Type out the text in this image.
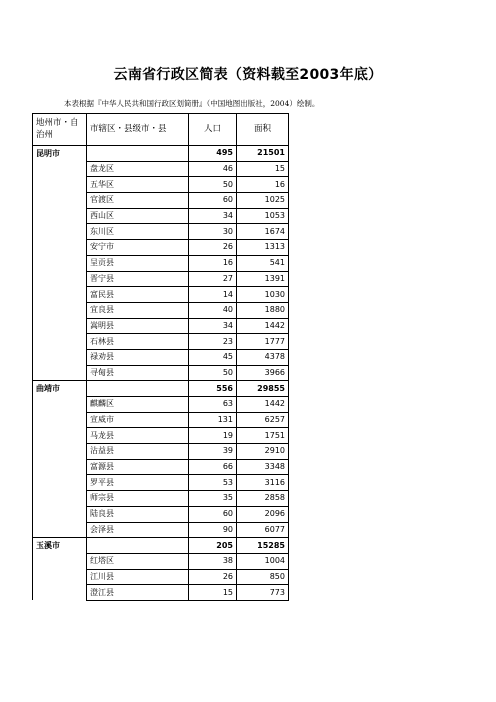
云南省行政区简表（资料载至2003年底）
本表根据『中华人民共和国行政区划简册』（中国地图出版社，2004）绘制。
地州市・自治州	市辖区・县级市・县	人口	面积
昆明市		495	21501
	盘龙区	46	15
	五华区	50	16
	官渡区	60	1025
	西山区	34	1053
	东川区	30	1674
	安宁市	26	1313
	呈贡县	16	541
	晋宁县	27	1391
	富民县	14	1030
	宜良县	40	1880
	嵩明县	34	1442
	石林县	23	1777
	禄劝县	45	4378
	寻甸县	50	3966
曲靖市		556	29855
	麒麟区	63	1442
	宣威市	131	6257
	马龙县	19	1751
	沾益县	39	2910
	富源县	66	3348
	罗平县	53	3116
	师宗县	35	2858
	陆良县	60	2096
	会泽县	90	6077
玉溪市		205	15285
	红塔区	38	1004
	江川县	26	850
	澄江县	15	773
